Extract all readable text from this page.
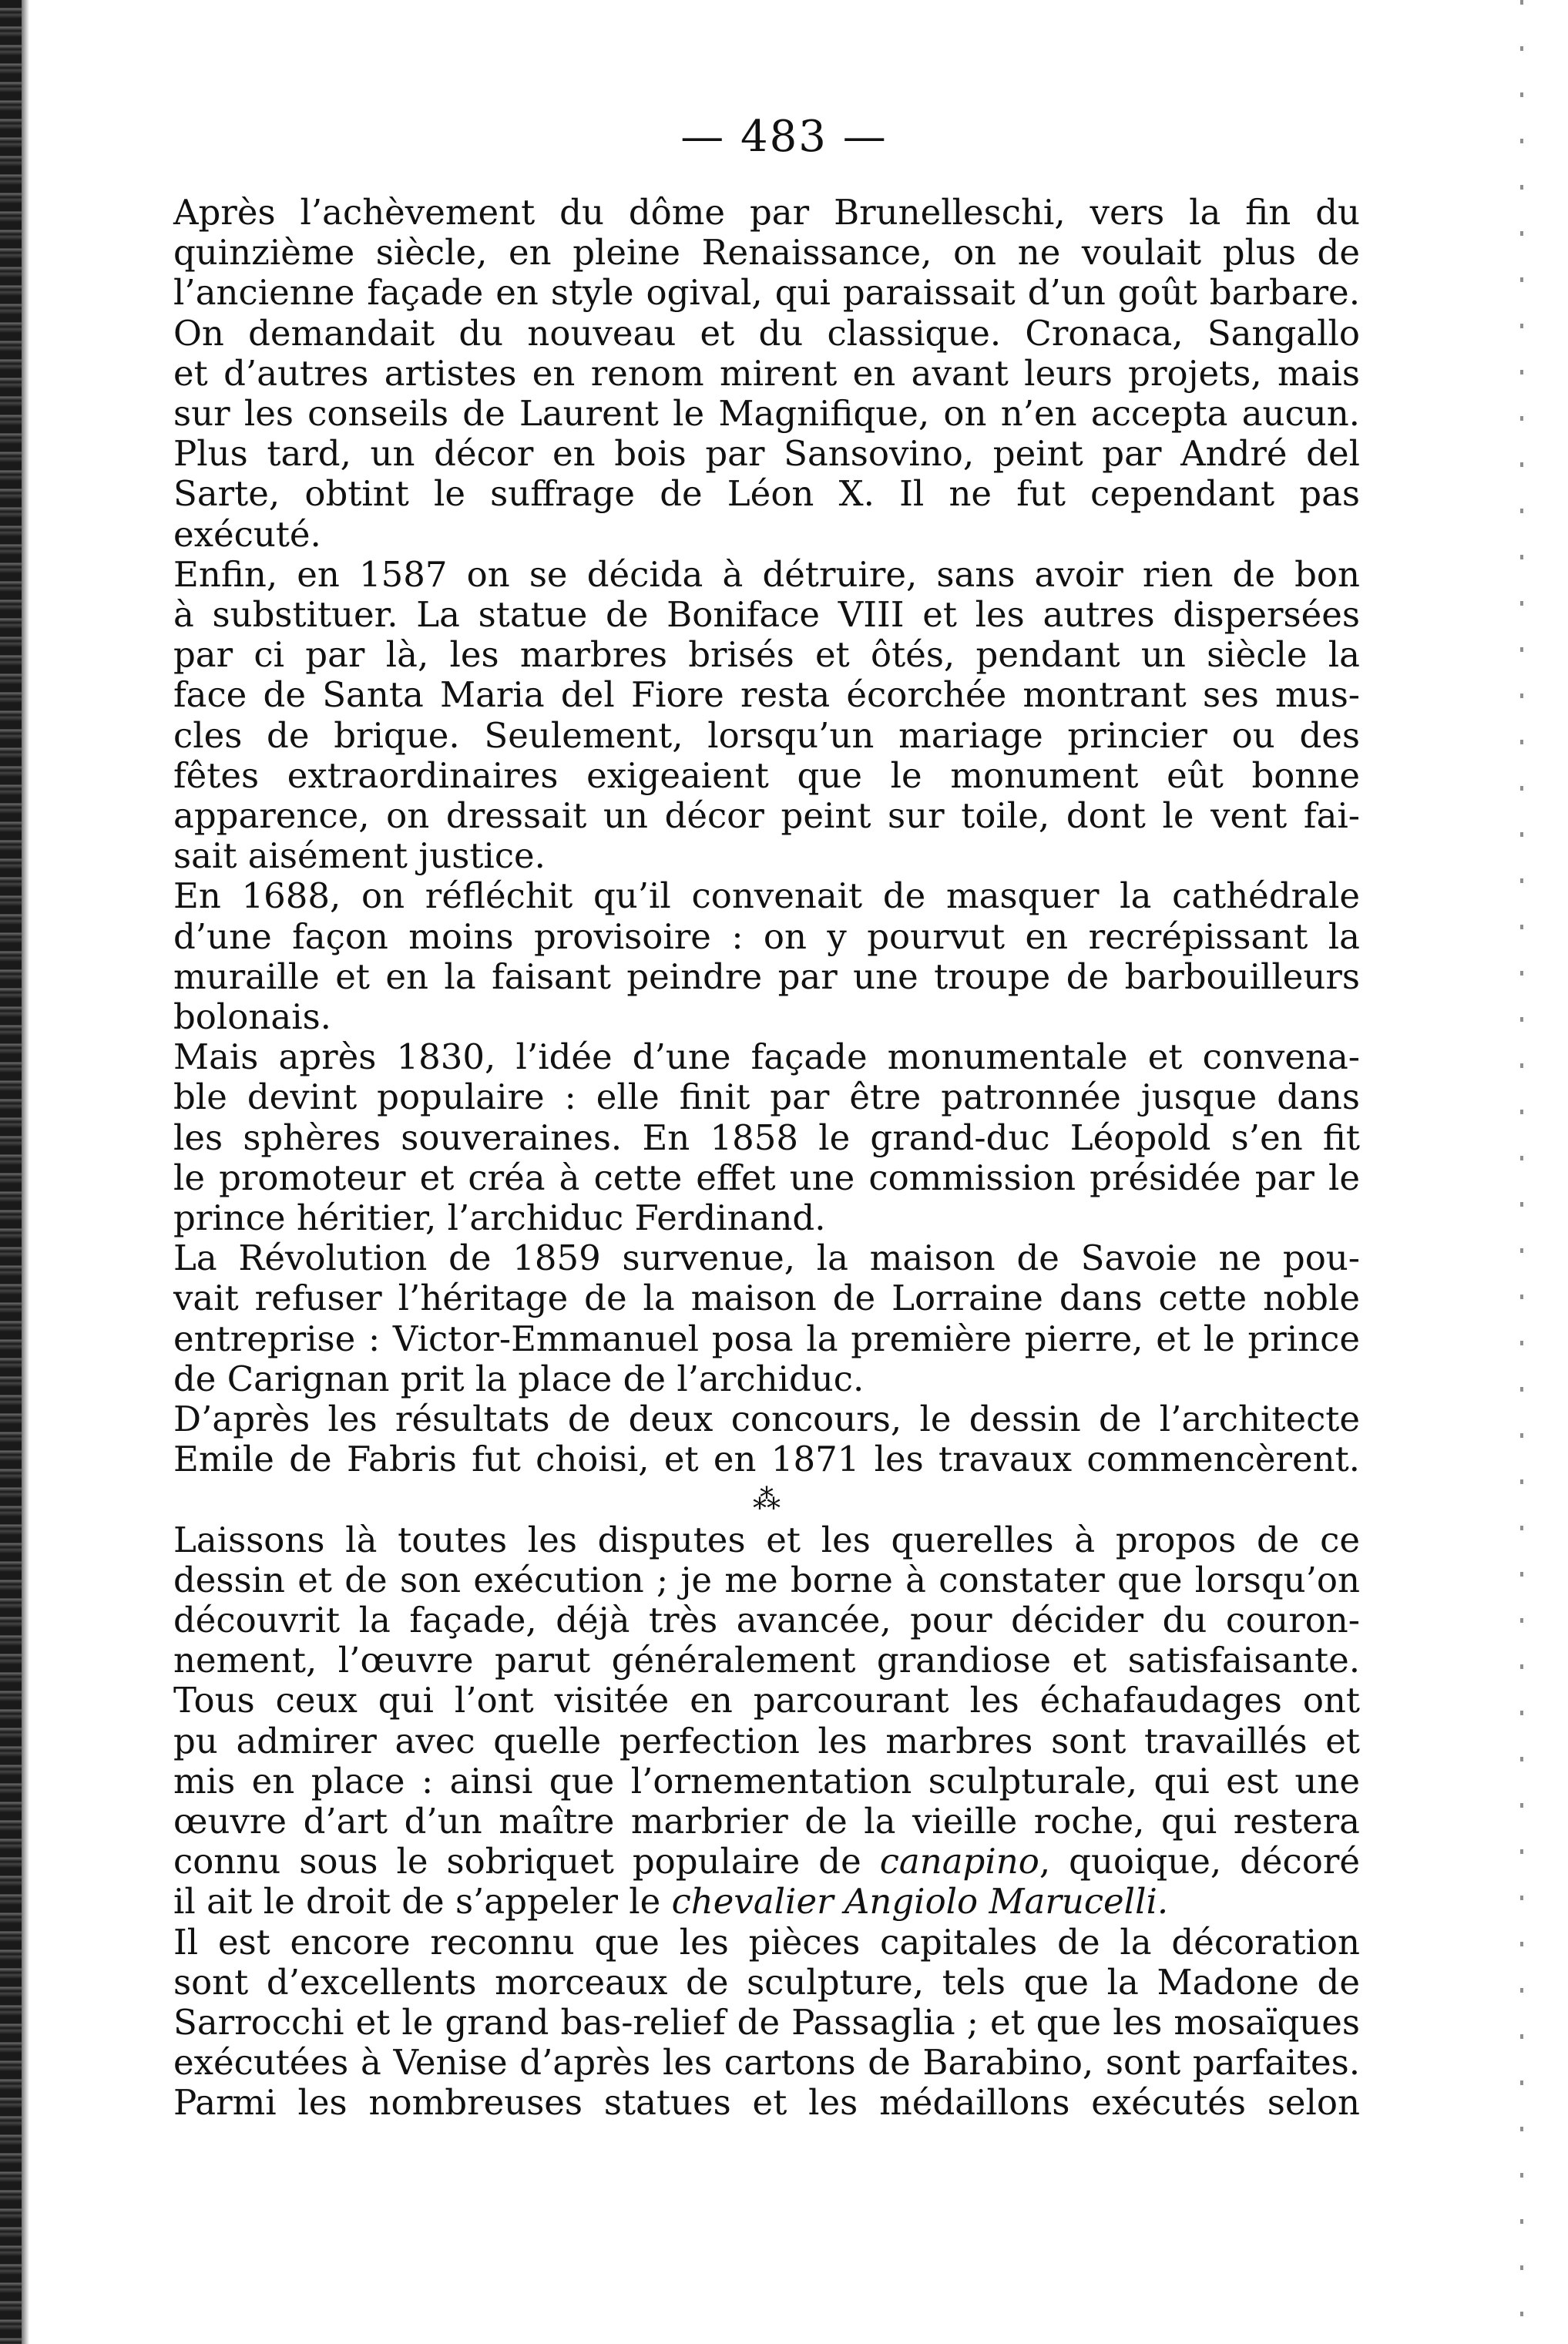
— 483 —
Après l’achèvement du dôme par Brunelleschi, vers la fin du
quinzième siècle, en pleine Renaissance, on ne voulait plus de
l’ancienne façade en style ogival, qui paraissait d’un goût barbare.
On demandait du nouveau et du classique. Cronaca, Sangallo
et d’autres artistes en renom mirent en avant leurs projets, mais
sur les conseils de Laurent le Magnifique, on n’en accepta aucun.
Plus tard, un décor en bois par Sansovino, peint par André del
Sarte, obtint le suffrage de Léon X. Il ne fut cependant pas
exécuté.
Enfin, en 1587 on se décida à détruire, sans avoir rien de bon
à substituer. La statue de Boniface VIII et les autres dispersées
par ci par là, les marbres brisés et ôtés, pendant un siècle la
face de Santa Maria del Fiore resta écorchée montrant ses mus-
cles de brique. Seulement, lorsqu’un mariage princier ou des
fêtes extraordinaires exigeaient que le monument eût bonne
apparence, on dressait un décor peint sur toile, dont le vent fai-
sait aisément justice.
En 1688, on réfléchit qu’il convenait de masquer la cathédrale
d’une façon moins provisoire : on y pourvut en recrépissant la
muraille et en la faisant peindre par une troupe de barbouilleurs
bolonais.
Mais après 1830, l’idée d’une façade monumentale et convena-
ble devint populaire : elle finit par être patronnée jusque dans
les sphères souveraines. En 1858 le grand-duc Léopold s’en fit
le promoteur et créa à cette effet une commission présidée par le
prince héritier, l’archiduc Ferdinand.
La Révolution de 1859 survenue, la maison de Savoie ne pou-
vait refuser l’héritage de la maison de Lorraine dans cette noble
entreprise : Victor-Emmanuel posa la première pierre, et le prince
de Carignan prit la place de l’archiduc.
D’après les résultats de deux concours, le dessin de l’architecte
Emile de Fabris fut choisi, et en 1871 les travaux commencèrent.
⁂
Laissons là toutes les disputes et les querelles à propos de ce
dessin et de son exécution ; je me borne à constater que lorsqu’on
découvrit la façade, déjà très avancée, pour décider du couron-
nement, l’œuvre parut généralement grandiose et satisfaisante.
Tous ceux qui l’ont visitée en parcourant les échafaudages ont
pu admirer avec quelle perfection les marbres sont travaillés et
mis en place : ainsi que l’ornementation sculpturale, qui est une
œuvre d’art d’un maître marbrier de la vieille roche, qui restera
connu sous le sobriquet populaire de canapino, quoique, décoré
il ait le droit de s’appeler le chevalier Angiolo Marucelli.
Il est encore reconnu que les pièces capitales de la décoration
sont d’excellents morceaux de sculpture, tels que la Madone de
Sarrocchi et le grand bas-relief de Passaglia ; et que les mosaïques
exécutées à Venise d’après les cartons de Barabino, sont parfaites.
Parmi les nombreuses statues et les médaillons exécutés selon
